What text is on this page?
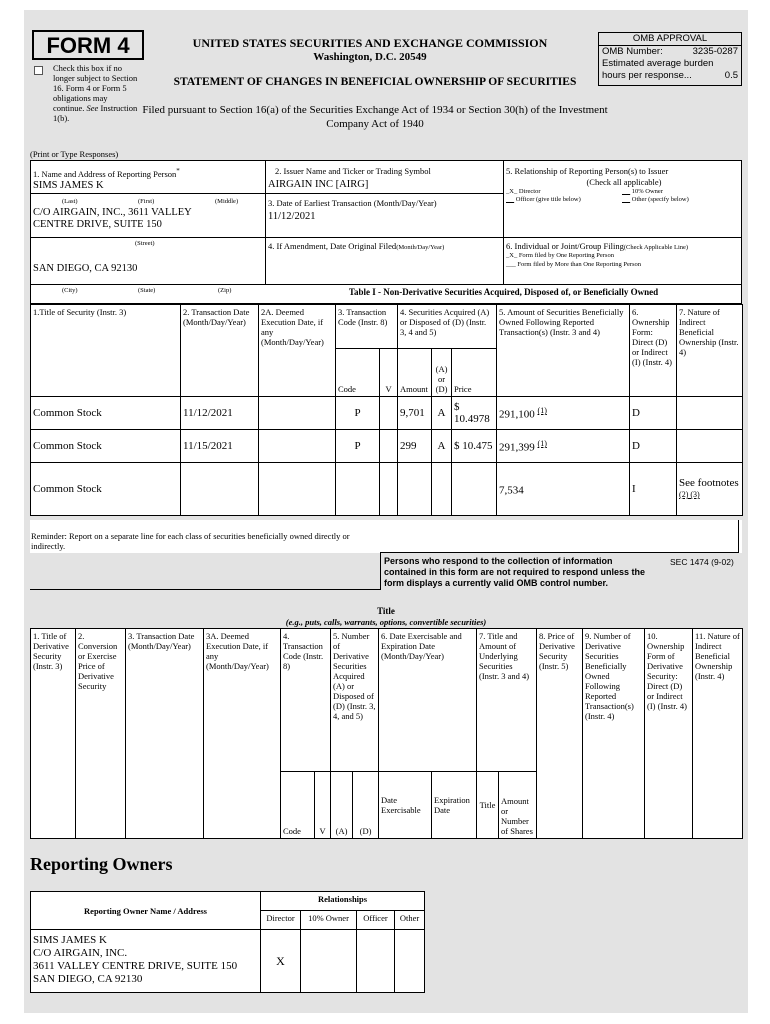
FORM 4
Check this box if no longer subject to Section 16. Form 4 or Form 5 obligations may continue. See Instruction 1(b).
UNITED STATES SECURITIES AND EXCHANGE COMMISSION
Washington, D.C. 20549
STATEMENT OF CHANGES IN BENEFICIAL OWNERSHIP OF SECURITIES
Filed pursuant to Section 16(a) of the Securities Exchange Act of 1934 or Section 30(h) of the Investment Company Act of 1940
OMB APPROVAL
OMB Number:	3235-0287
Estimated average burden
hours per response...	0.5
(Print or Type Responses)
1. Name and Address of Reporting Person*
SIMS JAMES K
(Last)	(First)	(Middle)
C/O AIRGAIN, INC., 3611 VALLEY CENTRE DRIVE, SUITE 150
(Street)
SAN DIEGO, CA 92130
(City)	(State)	(Zip)
2. Issuer Name and Ticker or Trading Symbol
AIRGAIN INC [AIRG]
3. Date of Earliest Transaction (Month/Day/Year)
11/12/2021
4. If Amendment, Date Original Filed(Month/Day/Year)
5. Relationship of Reporting Person(s) to Issuer
(Check all applicable)
_X_ Director	10% Owner
Officer (give title below)	Other (specify below)
6. Individual or Joint/Group Filing(Check Applicable Line)
_X_ Form filed by One Reporting Person
___ Form filed by More than One Reporting Person
Table I - Non-Derivative Securities Acquired, Disposed of, or Beneficially Owned
1.Title of Security (Instr. 3)	2. Transaction Date (Month/Day/Year)	2A. Deemed Execution Date, if any (Month/Day/Year)	3. Transaction Code (Instr. 8)		4. Securities Acquired (A) or Disposed of (D) (Instr. 3, 4 and 5)			5. Amount of Securities Beneficially Owned Following Reported Transaction(s) (Instr. 3 and 4)	6. Ownership Form: Direct (D) or Indirect (I) (Instr. 4)	7. Nature of Indirect Beneficial Ownership (Instr. 4)
			Code	V	Amount	(A) or (D)	Price			
Common Stock	11/12/2021		P		9,701	A	$ 10.4978	291,100 $^{(1)}$	D	
Common Stock	11/15/2021		P		299	A	$ 10.475	291,399 $^{(1)}$	D	
Common Stock								7,534	I	See footnotes
(2) (3)
Reminder: Report on a separate line for each class of securities beneficially owned directly or indirectly.
Persons who respond to the collection of information contained in this form are not required to respond unless the form displays a currently valid OMB control number.
SEC 1474 (9-02)
Title
(e.g., puts, calls, warrants, options, convertible securities)
1. Title of Derivative Security (Instr. 3)	2. Conversion or Exercise Price of Derivative Security	3. Transaction Date (Month/Day/Year)	3A. Deemed Execution Date, if any (Month/Day/Year)	4. Transaction Code (Instr. 8)		5. Number of Derivative Securities Acquired (A) or Disposed of (D) (Instr. 3, 4, and 5)		6. Date Exercisable and Expiration Date (Month/Day/Year)		7. Title and Amount of Underlying Securities (Instr. 3 and 4)		8. Price of Derivative Security (Instr. 5)	9. Number of Derivative Securities Beneficially Owned Following Reported Transaction(s) (Instr. 4)	10. Ownership Form of Derivative Security: Direct (D) or Indirect (I) (Instr. 4)	11. Nature of Indirect Beneficial Ownership (Instr. 4)
				Code	V	(A)	(D)	Date Exercisable	Expiration Date	Title	Amount or Number of Shares				
Reporting Owners
Reporting Owner Name / Address	Relationships			
	Director	10% Owner	Officer	Other

SIMS JAMES K
C/O AIRGAIN, INC.
3611 VALLEY CENTRE DRIVE, SUITE 150
SAN DIEGO, CA 92130	X			
